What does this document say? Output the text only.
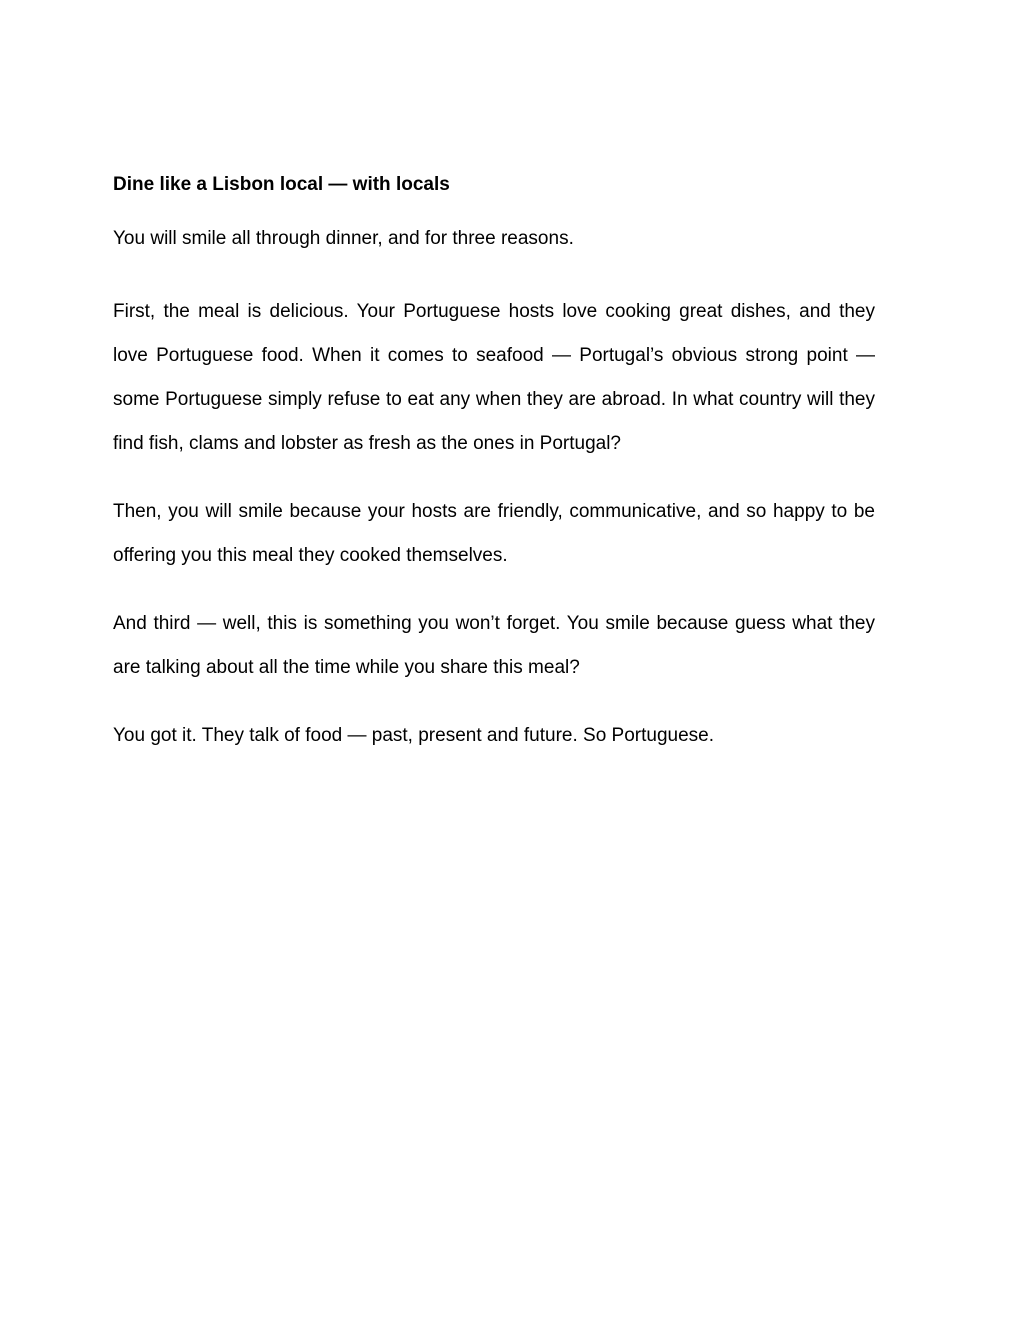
Dine like a Lisbon local — with locals

You will smile all through dinner, and for three reasons.

First, the meal is delicious. Your Portuguese hosts love cooking great dishes, and they love Portuguese food. When it comes to seafood — Portugal’s obvious strong point — some Portuguese simply refuse to eat any when they are abroad. In what country will they find fish, clams and lobster as fresh as the ones in Portugal?

Then, you will smile because your hosts are friendly, communicative, and so happy to be offering you this meal they cooked themselves.

And third — well, this is something you won’t forget. You smile because guess what they are talking about all the time while you share this meal?

You got it. They talk of food — past, present and future. So Portuguese.
